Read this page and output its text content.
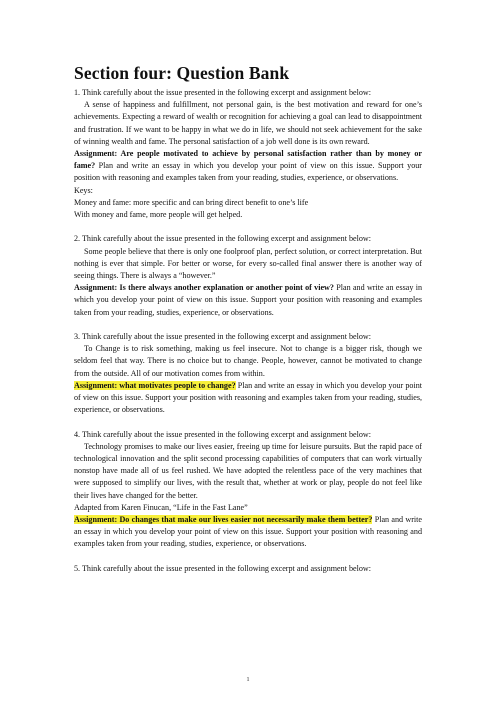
Section four: Question Bank

1. Think carefully about the issue presented in the following excerpt and assignment below:

A sense of happiness and fulfillment, not personal gain, is the best motivation and reward for one’s achievements. Expecting a reward of wealth or recognition for achieving a goal can lead to disappointment and frustration. If we want to be happy in what we do in life, we should not seek achievement for the sake of winning wealth and fame. The personal satisfaction of a job well done is its own reward.

Assignment: Are people motivated to achieve by personal satisfaction rather than by money or fame? Plan and write an essay in which you develop your point of view on this issue. Support your position with reasoning and examples taken from your reading, studies, experience, or observations.

Keys:

Money and fame: more specific and can bring direct benefit to one’s life

With money and fame, more people will get helped.

2. Think carefully about the issue presented in the following excerpt and assignment below:

Some people believe that there is only one foolproof plan, perfect solution, or correct interpretation. But nothing is ever that simple. For better or worse, for every so-called final answer there is another way of seeing things. There is always a “however.”

Assignment: Is there always another explanation or another point of view? Plan and write an essay in which you develop your point of view on this issue. Support your position with reasoning and examples taken from your reading, studies, experience, or observations.

3. Think carefully about the issue presented in the following excerpt and assignment below:

To Change is to risk something, making us feel insecure. Not to change is a bigger risk, though we seldom feel that way. There is no choice but to change. People, however, cannot be motivated to change from the outside. All of our motivation comes from within.

Assignment: what motivates people to change? Plan and write an essay in which you develop your point of view on this issue. Support your position with reasoning and examples taken from your reading, studies, experience, or observations.

4. Think carefully about the issue presented in the following excerpt and assignment below:

Technology promises to make our lives easier, freeing up time for leisure pursuits. But the rapid pace of technological innovation and the split second processing capabilities of computers that can work virtually nonstop have made all of us feel rushed. We have adopted the relentless pace of the very machines that were supposed to simplify our lives, with the result that, whether at work or play, people do not feel like their lives have changed for the better.

Adapted from Karen Finucan, “Life in the Fast Lane”

Assignment: Do changes that make our lives easier not necessarily make them better? Plan and write an essay in which you develop your point of view on this issue. Support your position with reasoning and examples taken from your reading, studies, experience, or observations.

5. Think carefully about the issue presented in the following excerpt and assignment below:

1
